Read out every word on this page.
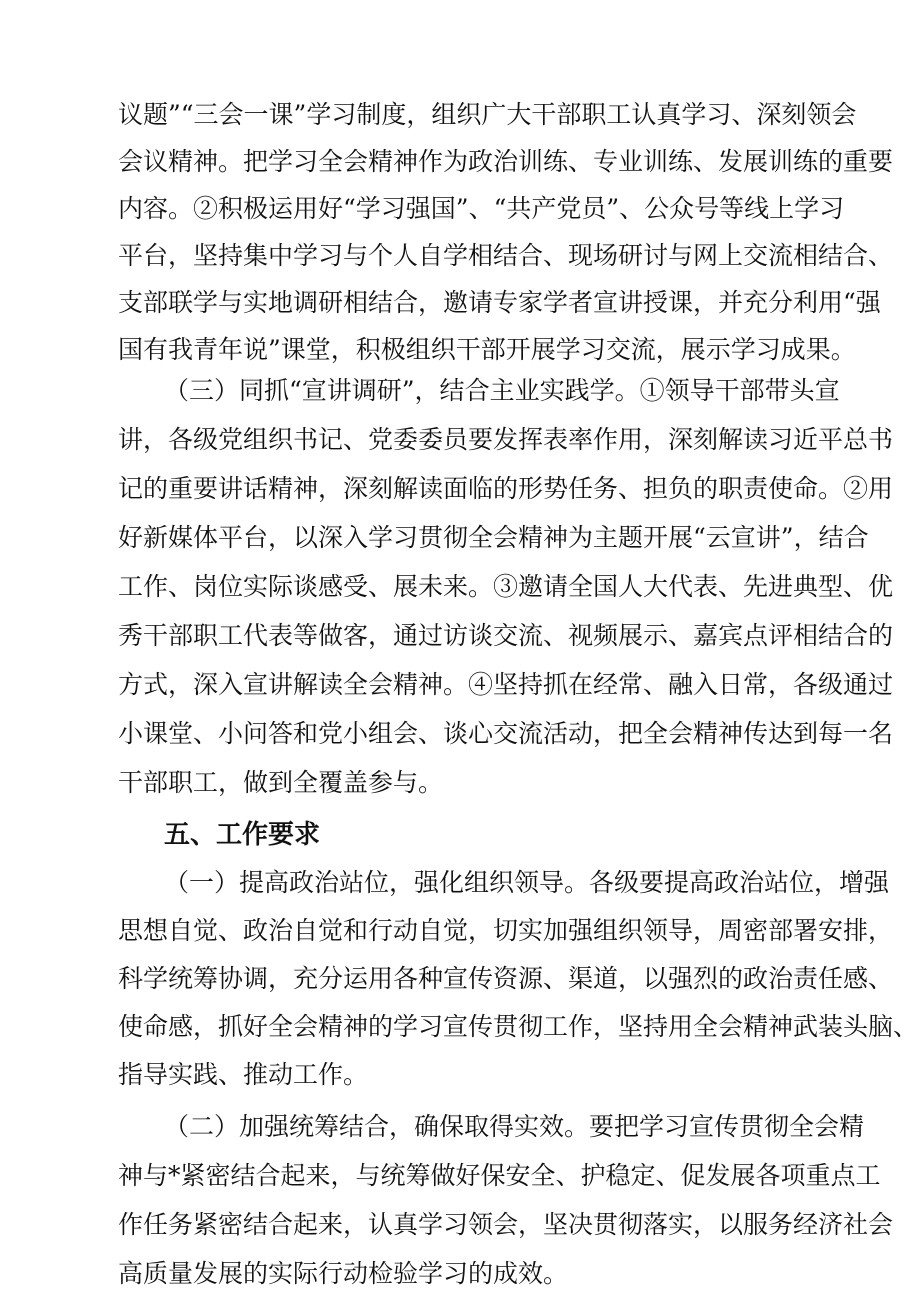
议题”“三会一课”学习制度，组织广大干部职工认真学习、深刻领会
会议精神。把学习全会精神作为政治训练、专业训练、发展训练的重要
内容。②积极运用好“学习强国”、“共产党员”、公众号等线上学习
平台，坚持集中学习与个人自学相结合、现场研讨与网上交流相结合、
支部联学与实地调研相结合，邀请专家学者宣讲授课，并充分利用“强
国有我青年说”课堂，积极组织干部开展学习交流，展示学习成果。
（三）同抓“宣讲调研”，结合主业实践学。①领导干部带头宣
讲，各级党组织书记、党委委员要发挥表率作用，深刻解读习近平总书
记的重要讲话精神，深刻解读面临的形势任务、担负的职责使命。②用
好新媒体平台，以深入学习贯彻全会精神为主题开展“云宣讲”，结合
工作、岗位实际谈感受、展未来。③邀请全国人大代表、先进典型、优
秀干部职工代表等做客，通过访谈交流、视频展示、嘉宾点评相结合的
方式，深入宣讲解读全会精神。④坚持抓在经常、融入日常，各级通过
小课堂、小问答和党小组会、谈心交流活动，把全会精神传达到每一名
干部职工，做到全覆盖参与。
五、工作要求
（一）提高政治站位，强化组织领导。各级要提高政治站位，增强
思想自觉、政治自觉和行动自觉，切实加强组织领导，周密部署安排，
科学统筹协调，充分运用各种宣传资源、渠道，以强烈的政治责任感、
使命感，抓好全会精神的学习宣传贯彻工作，坚持用全会精神武装头脑、
指导实践、推动工作。
（二）加强统筹结合，确保取得实效。要把学习宣传贯彻全会精
神与*紧密结合起来，与统筹做好保安全、护稳定、促发展各项重点工
作任务紧密结合起来，认真学习领会，坚决贯彻落实，以服务经济社会
高质量发展的实际行动检验学习的成效。
